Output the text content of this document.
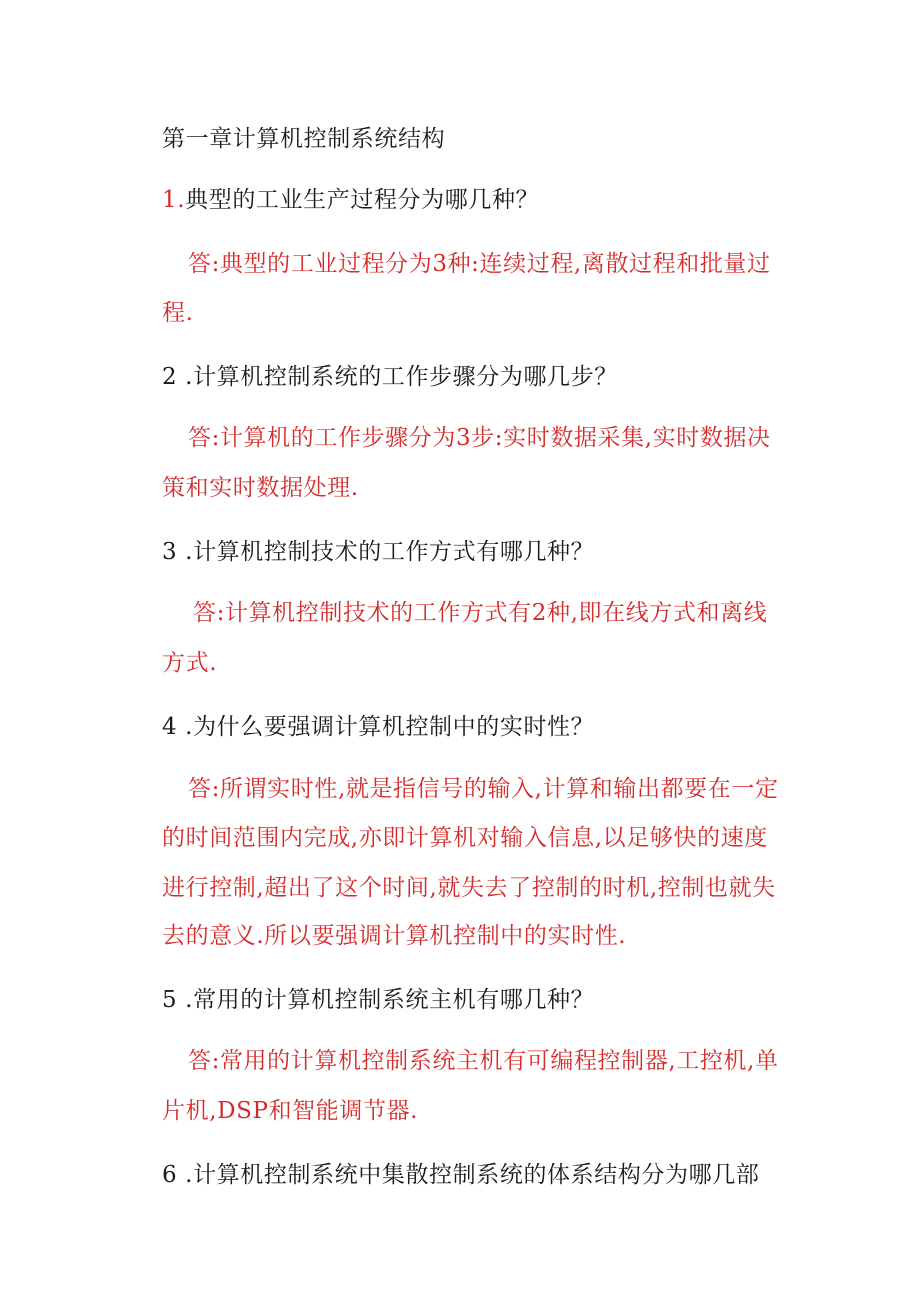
第一章计算机控制系统结构
1.典型的工业生产过程分为哪几种？
答:典型的工业过程分为3种:连续过程,离散过程和批量过
程.
2 .计算机控制系统的工作步骤分为哪几步？
答:计算机的工作步骤分为3步:实时数据采集,实时数据决
策和实时数据处理.
3 .计算机控制技术的工作方式有哪几种？
答:计算机控制技术的工作方式有2种,即在线方式和离线
方式.
4 .为什么要强调计算机控制中的实时性？
答:所谓实时性,就是指信号的输入,计算和输出都要在一定
的时间范围内完成,亦即计算机对输入信息,以足够快的速度
进行控制,超出了这个时间,就失去了控制的时机,控制也就失
去的意义.所以要强调计算机控制中的实时性.
5 .常用的计算机控制系统主机有哪几种？
答:常用的计算机控制系统主机有可编程控制器,工控机,单
片机,DSP和智能调节器.
6 .计算机控制系统中集散控制系统的体系结构分为哪几部
